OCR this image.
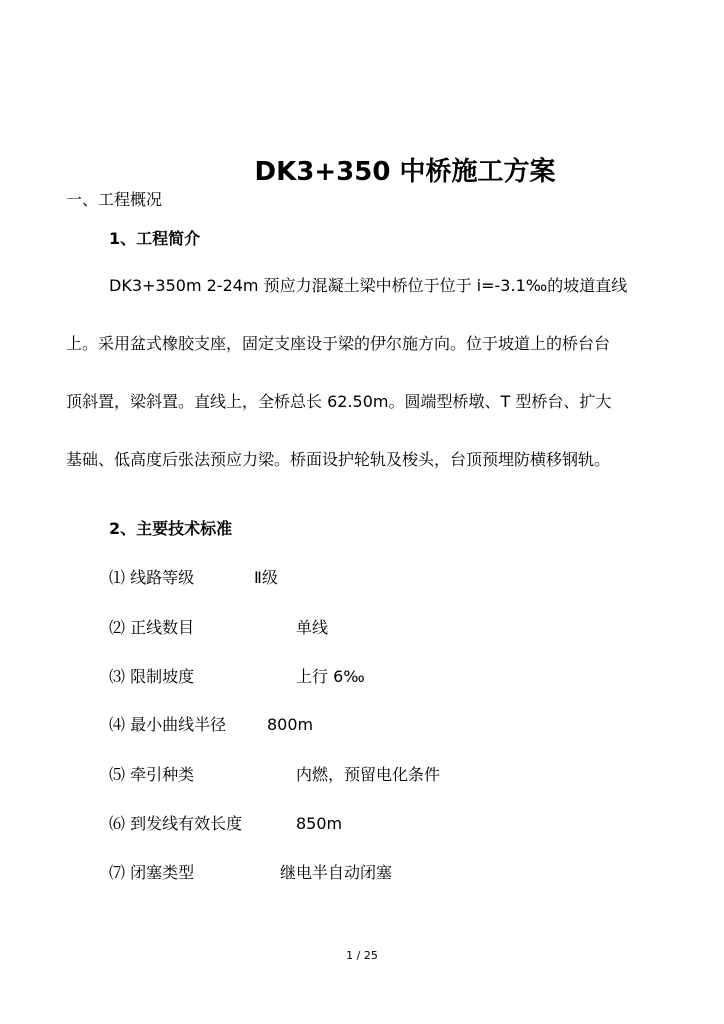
DK3+350 中桥施工方案
一、工程概况
1、工程简介
DK3+350m 2-24m 预应力混凝土梁中桥位于位于 i=-3.1‰的坡道直线
上。采用盆式橡胶支座，固定支座设于梁的伊尔施方向。位于坡道上的桥台台
顶斜置，梁斜置。直线上，全桥总长 62.50m。圆端型桥墩、T 型桥台、扩大
基础、低高度后张法预应力梁。桥面设护轮轨及梭头，台顶预埋防横移钢轨。
2、主要技术标准
⑴ 线路等级	Ⅱ级
⑵ 正线数目	单线
⑶ 限制坡度	上行 6‰
⑷ 最小曲线半径	800m
⑸ 牵引种类	内燃，预留电化条件
⑹ 到发线有效长度	850m
⑺ 闭塞类型	继电半自动闭塞
1 / 25
